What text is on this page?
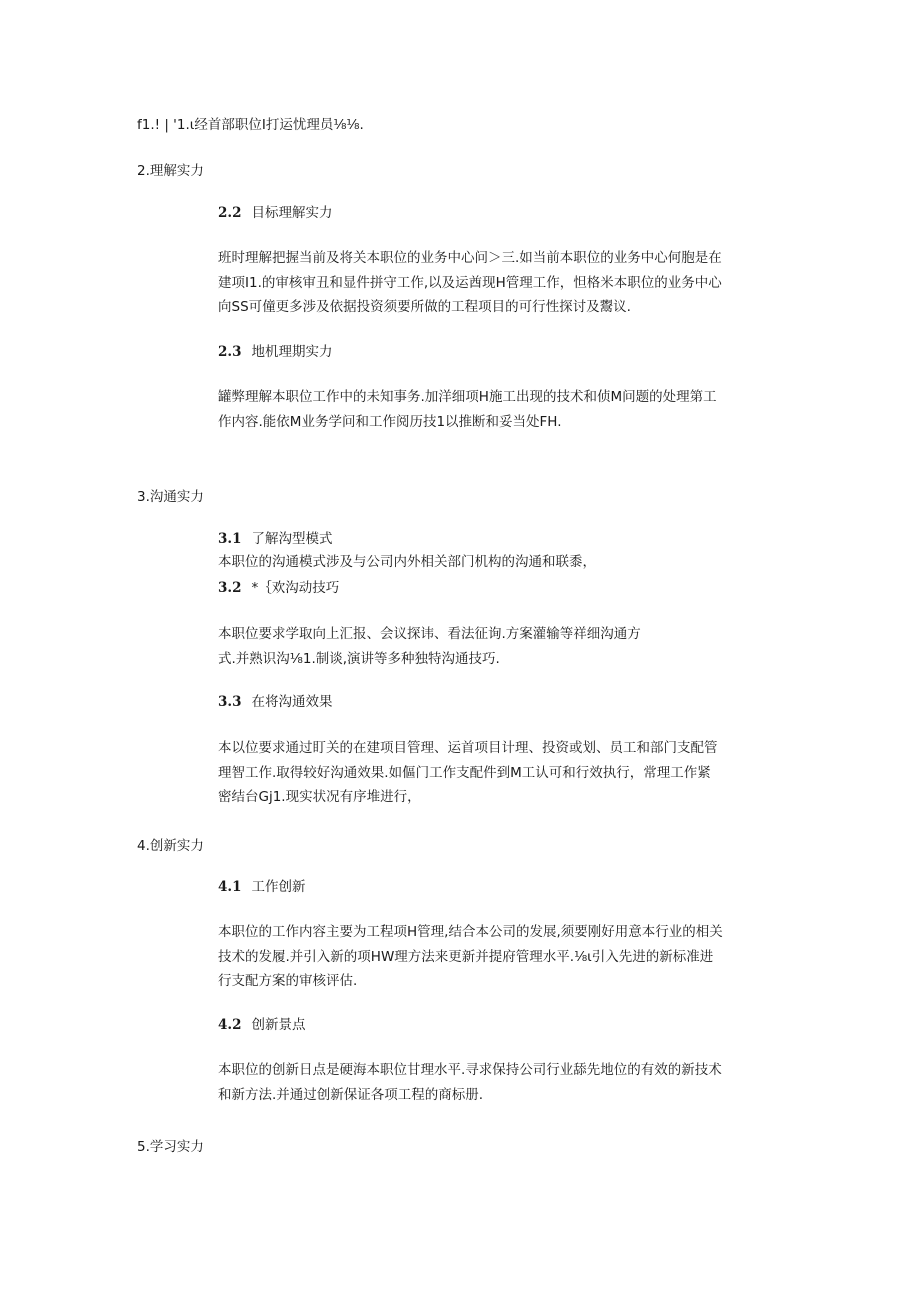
f1.! | '1.ι经首部职位I打运忧理员⅛⅛.
2.理解实力
2.2 目标理解实力
班时理解把握当前及将关本职位的业务中心问＞三.如当前本职位的业务中心何胞是在
建项I1.的审核审丑和显件拼守工作,以及运酋现H管理工作，怛格米本职位的业务中心
向SS可僮更多涉及依据投资须要所做的工程项目的可行性探讨及鬻议.
2.3 地机理期实力
罐弊理解本职位工作中的未知事务.加洋细项H施工出现的技术和侦M问题的处理第工
作内容.能依M业务学问和工作阅历技1以推断和妥当处FH.
3.沟通实力
3.1 了解沟型模式
本职位的沟通模式涉及与公司内外相关部门机构的沟通和联黍，
3.2 *｛欢沟动技巧
本职位要求学取向上汇报、会议探讳、看法征询.方案灌输等祥细沟通方
式.并熟识沟⅛1.制谈,演讲等多种独特沟通技巧.
3.3 在将沟通效果
本以位要求通过盯关的在建项目管理、运首项目计理、投资或划、员工和部门支配管
理智工作.取得较好沟通效果.如傴门工作支配件到M工认可和行效执行，常理工作紧
密结台Gj1.现实状况有序堆进行，
4.创新实力
4.1 工作创新
本职位的工作内容主要为工程项H管理,结合本公司的发展,须要刚好用意本行业的相关
技术的发履.并引入新的项HW理方法来更新并提府管理水平.⅛ι引入先进的新标准进
行支配方案的审核评估.
4.2 创新景点
本职位的创新日点是硬海本职位甘理水平.寻求保持公司行业舔先地位的有效的新技术
和新方法.并通过创新保证各项工程的商标册.
5.学习实力
